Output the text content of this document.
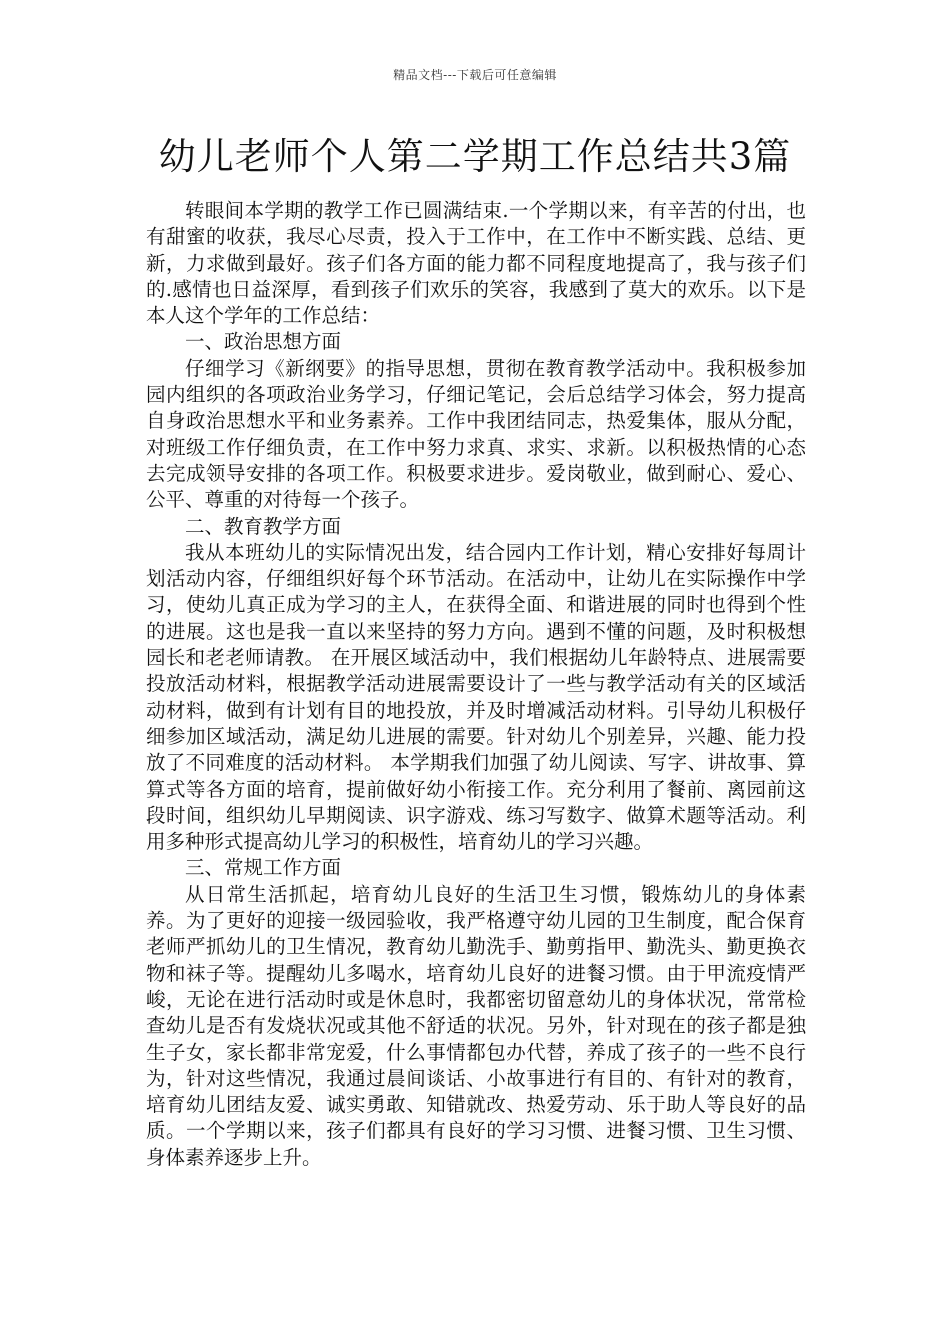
精品文档---下载后可任意编辑
幼儿老师个人第二学期工作总结共3篇

转眼间本学期的教学工作已圆满结束.一个学期以来，有辛苦的付出，也有甜蜜的收获，我尽心尽责，投入于工作中，在工作中不断实践、总结、更新，力求做到最好。孩子们各方面的能力都不同程度地提高了，我与孩子们的.感情也日益深厚，看到孩子们欢乐的笑容，我感到了莫大的欢乐。以下是本人这个学年的工作总结：

一、政治思想方面

仔细学习《新纲要》的指导思想，贯彻在教育教学活动中。我积极参加园内组织的各项政治业务学习，仔细记笔记，会后总结学习体会，努力提高自身政治思想水平和业务素养。工作中我团结同志，热爱集体，服从分配，对班级工作仔细负责，在工作中努力求真、求实、求新。以积极热情的心态去完成领导安排的各项工作。积极要求进步。爱岗敬业，做到耐心、爱心、公平、尊重的对待每一个孩子。

二、教育教学方面

我从本班幼儿的实际情况出发，结合园内工作计划，精心安排好每周计划活动内容，仔细组织好每个环节活动。在活动中，让幼儿在实际操作中学习，使幼儿真正成为学习的主人，在获得全面、和谐进展的同时也得到个性的进展。这也是我一直以来坚持的努力方向。遇到不懂的问题，及时积极想园长和老老师请教。 在开展区域活动中，我们根据幼儿年龄特点、进展需要投放活动材料，根据教学活动进展需要设计了一些与教学活动有关的区域活动材料，做到有计划有目的地投放，并及时增减活动材料。引导幼儿积极仔细参加区域活动，满足幼儿进展的需要。针对幼儿个别差异，兴趣、能力投放了不同难度的活动材料。 本学期我们加强了幼儿阅读、写字、讲故事、算算式等各方面的培育，提前做好幼小衔接工作。充分利用了餐前、离园前这段时间，组织幼儿早期阅读、识字游戏、练习写数字、做算术题等活动。利用多种形式提高幼儿学习的积极性，培育幼儿的学习兴趣。

三、常规工作方面

从日常生活抓起，培育幼儿良好的生活卫生习惯，锻炼幼儿的身体素养。为了更好的迎接一级园验收，我严格遵守幼儿园的卫生制度，配合保育老师严抓幼儿的卫生情况，教育幼儿勤洗手、勤剪指甲、勤洗头、勤更换衣物和袜子等。提醒幼儿多喝水，培育幼儿良好的进餐习惯。由于甲流疫情严峻，无论在进行活动时或是休息时，我都密切留意幼儿的身体状况，常常检查幼儿是否有发烧状况或其他不舒适的状况。另外，针对现在的孩子都是独生子女，家长都非常宠爱，什么事情都包办代替，养成了孩子的一些不良行为，针对这些情况，我通过晨间谈话、小故事进行有目的、有针对的教育，培育幼儿团结友爱、诚实勇敢、知错就改、热爱劳动、乐于助人等良好的品质。一个学期以来，孩子们都具有良好的学习习惯、进餐习惯、卫生习惯、身体素养逐步上升。
